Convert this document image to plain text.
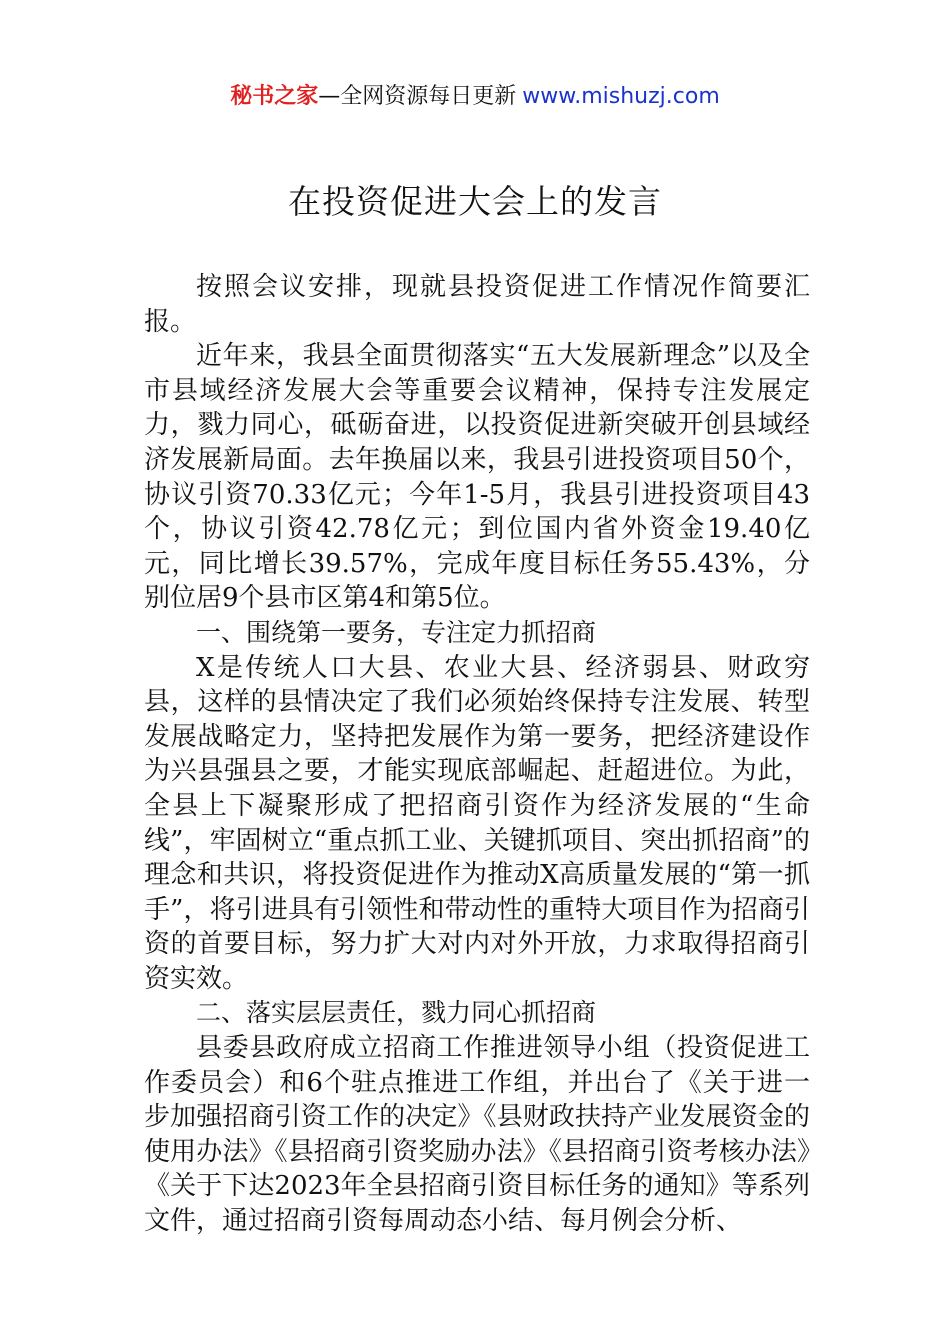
秘书之家—全网资源每日更新 www.mishuzj.com
在投资促进大会上的发言

按照会议安排，现就县投资促进工作情况作简要汇报。

近年来，我县全面贯彻落实“五大发展新理念”以及全市县域经济发展大会等重要会议精神，保持专注发展定力，戮力同心，砥砺奋进，以投资促进新突破开创县域经济发展新局面。去年换届以来，我县引进投资项目50个，协议引资70.33亿元；今年1-5月，我县引进投资项目43个，协议引资42.78亿元；到位国内省外资金19.40亿元，同比增长39.57%，完成年度目标任务55.43%，分别位居9个县市区第4和第5位。

一、围绕第一要务，专注定力抓招商

X是传统人口大县、农业大县、经济弱县、财政穷县，这样的县情决定了我们必须始终保持专注发展、转型发展战略定力，坚持把发展作为第一要务，把经济建设作为兴县强县之要，才能实现底部崛起、赶超进位。为此，全县上下凝聚形成了把招商引资作为经济发展的“生命线”，牢固树立“重点抓工业、关键抓项目、突出抓招商”的理念和共识，将投资促进作为推动X高质量发展的“第一抓手”，将引进具有引领性和带动性的重特大项目作为招商引资的首要目标，努力扩大对内对外开放，力求取得招商引资实效。

二、落实层层责任，戮力同心抓招商

县委县政府成立招商工作推进领导小组（投资促进工作委员会）和6个驻点推进工作组，并出台了《关于进一步加强招商引资工作的决定》《县财政扶持产业发展资金的使用办法》《县招商引资奖励办法》《县招商引资考核办法》《关于下达2023年全县招商引资目标任务的通知》等系列文件，通过招商引资每周动态小结、每月例会分析、
